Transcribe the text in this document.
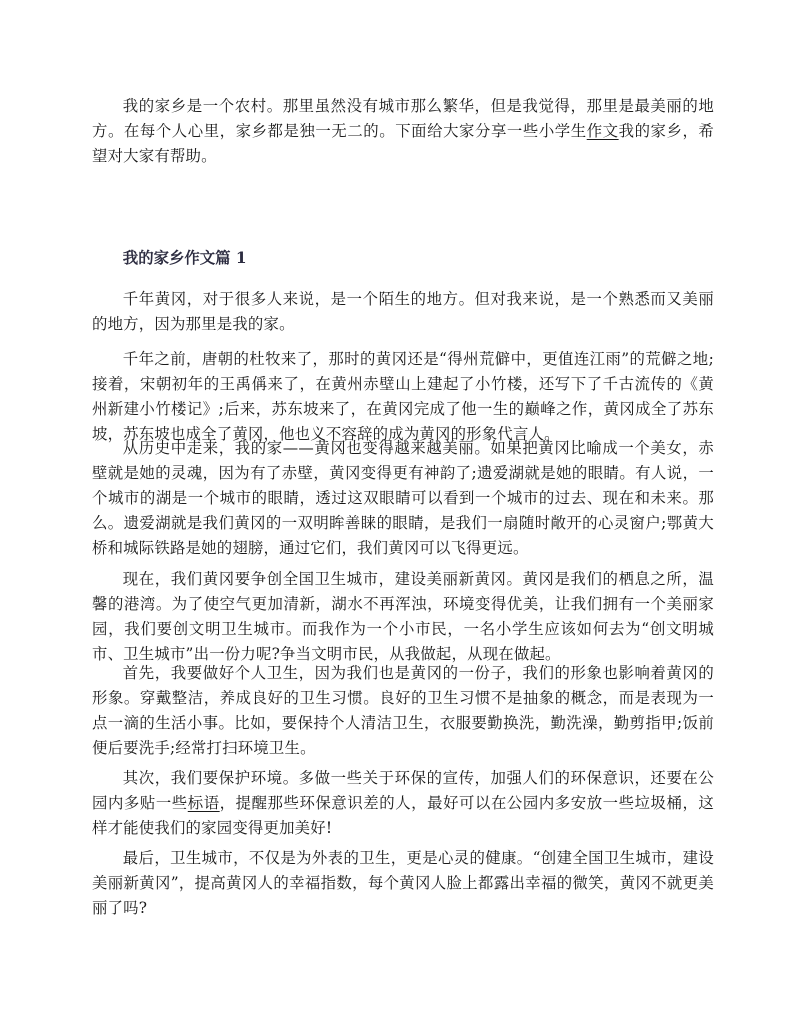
我的家乡是一个农村。那里虽然没有城市那么繁华，但是我觉得，那里是最美丽的地方。在每个人心里，家乡都是独一无二的。下面给大家分享一些小学生作文我的家乡，希望对大家有帮助。

我的家乡作文篇 1

千年黄冈，对于很多人来说，是一个陌生的地方。但对我来说，是一个熟悉而又美丽的地方，因为那里是我的家。

千年之前，唐朝的杜牧来了，那时的黄冈还是“得州荒僻中，更值连江雨”的荒僻之地;接着，宋朝初年的王禹偁来了，在黄州赤壁山上建起了小竹楼，还写下了千古流传的《黄州新建小竹楼记》;后来，苏东坡来了，在黄冈完成了他一生的巅峰之作，黄冈成全了苏东坡，苏东坡也成全了黄冈，他也义不容辞的成为黄冈的形象代言人。

从历史中走来，我的家——黄冈也变得越来越美丽。如果把黄冈比喻成一个美女，赤壁就是她的灵魂，因为有了赤壁，黄冈变得更有神韵了;遗爱湖就是她的眼睛。有人说，一个城市的湖是一个城市的眼睛，透过这双眼睛可以看到一个城市的过去、现在和未来。那么。遗爱湖就是我们黄冈的一双明眸善睐的眼睛，是我们一扇随时敞开的心灵窗户;鄂黄大桥和城际铁路是她的翅膀，通过它们，我们黄冈可以飞得更远。

现在，我们黄冈要争创全国卫生城市，建设美丽新黄冈。黄冈是我们的栖息之所，温馨的港湾。为了使空气更加清新，湖水不再浑浊，环境变得优美，让我们拥有一个美丽家园，我们要创文明卫生城市。而我作为一个小市民，一名小学生应该如何去为“创文明城市、卫生城市”出一份力呢?争当文明市民，从我做起，从现在做起。

首先，我要做好个人卫生，因为我们也是黄冈的一份子，我们的形象也影响着黄冈的形象。穿戴整洁，养成良好的卫生习惯。良好的卫生习惯不是抽象的概念，而是表现为一点一滴的生活小事。比如，要保持个人清洁卫生，衣服要勤换洗，勤洗澡，勤剪指甲;饭前便后要洗手;经常打扫环境卫生。

其次，我们要保护环境。多做一些关于环保的宣传，加强人们的环保意识，还要在公园内多贴一些标语，提醒那些环保意识差的人，最好可以在公园内多安放一些垃圾桶，这样才能使我们的家园变得更加美好!

最后，卫生城市，不仅是为外表的卫生，更是心灵的健康。“创建全国卫生城市，建设美丽新黄冈”，提高黄冈人的幸福指数，每个黄冈人脸上都露出幸福的微笑，黄冈不就更美丽了吗?
